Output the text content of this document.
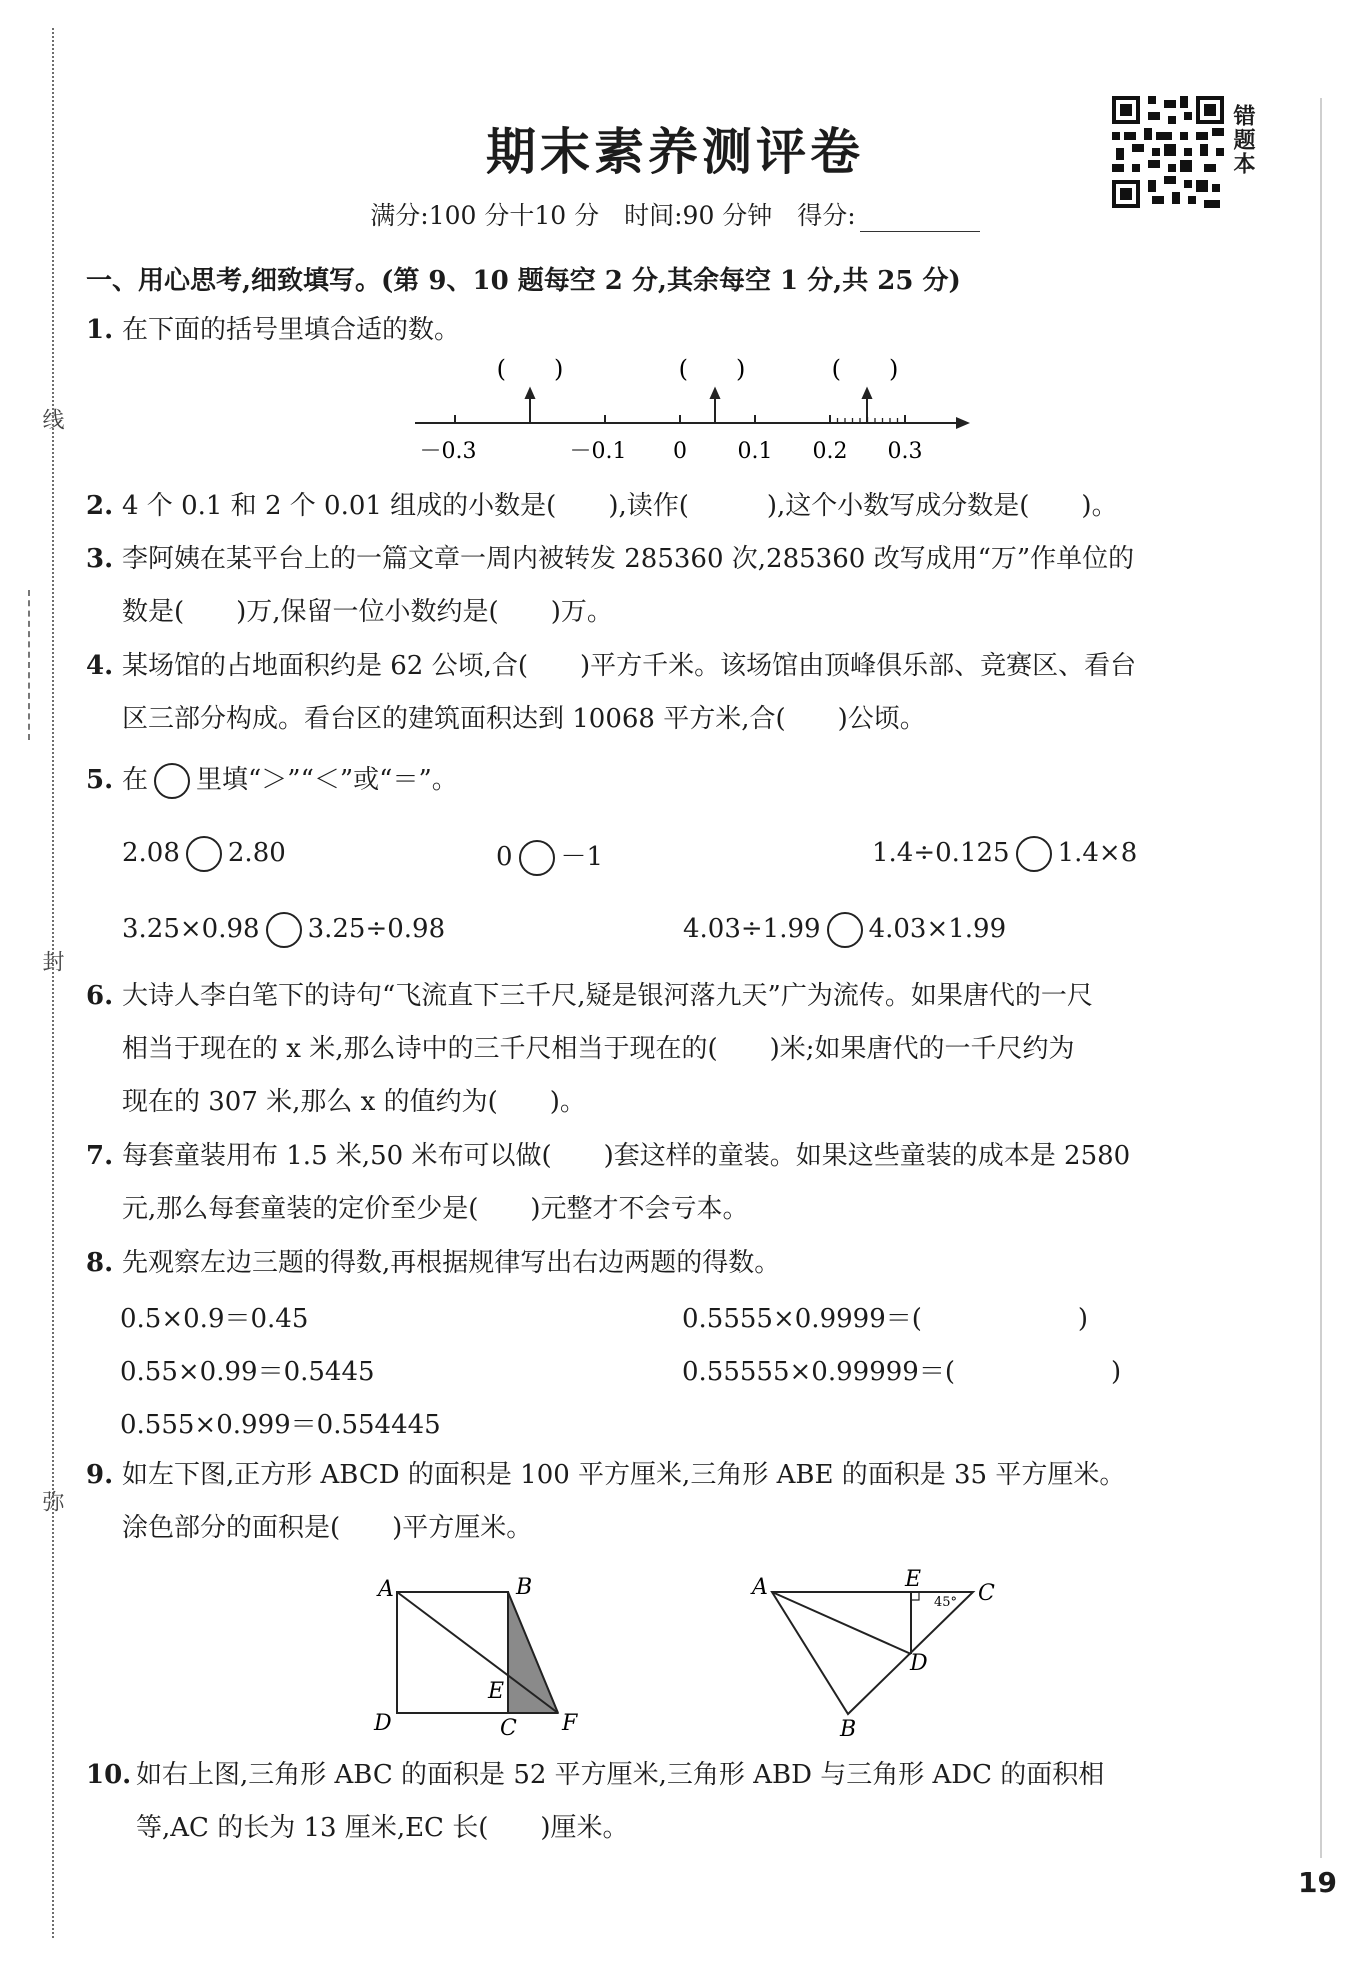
线
封
弥
期末素养测评卷
满分:100 分十10 分　时间:90 分钟　得分:
错题本
一、用心思考,细致填写。(第 9、10 题每空 2 分,其余每空 1 分,共 25 分)
1. 在下面的括号里填合适的数。
(　　)	(　　)	(　　)
－0.3	－0.1 0 0.1 0.2 0.3
2. 4 个 0.1 和 2 个 0.01 组成的小数是(　　),读作(　　　),这个小数写成分数是(　　)。
3. 李阿姨在某平台上的一篇文章一周内被转发 285360 次,285360 改写成用“万”作单位的
数是(　　)万,保留一位小数约是(　　)万。
4. 某场馆的占地面积约是 62 公顷,合(　　)平方千米。该场馆由顶峰俱乐部、竞赛区、看台
区三部分构成。看台区的建筑面积达到 10068 平方米,合(　　)公顷。
5. 在 里填“＞”“＜”或“＝”。
2.08 2.80	0 －1	1.4÷0.125 1.4×8
3.25×0.98 3.25÷0.98	4.03÷1.99 4.03×1.99
6. 大诗人李白笔下的诗句“飞流直下三千尺,疑是银河落九天”广为流传。如果唐代的一尺
相当于现在的 x 米,那么诗中的三千尺相当于现在的(　　)米;如果唐代的一千尺约为
现在的 307 米,那么 x 的值约为(　　)。
7. 每套童装用布 1.5 米,50 米布可以做(　　)套这样的童装。如果这些童装的成本是 2580
元,那么每套童装的定价至少是(　　)元整才不会亏本。
8. 先观察左边三题的得数,再根据规律写出右边两题的得数。
0.5×0.9＝0.45
0.55×0.99＝0.5445
0.555×0.999＝0.554445
0.5555×0.9999＝(　　　　　　)
0.55555×0.99999＝(　　　　　　)
9. 如左下图,正方形 ABCD 的面积是 100 平方厘米,三角形 ABE 的面积是 35 平方厘米。
涂色部分的面积是(　　)平方厘米。
A	B
C
D
E
F
A
B
C
D
E
45°
10. 如右上图,三角形 ABC 的面积是 52 平方厘米,三角形 ABD 与三角形 ADC 的面积相
等,AC 的长为 13 厘米,EC 长(　　)厘米。
19
